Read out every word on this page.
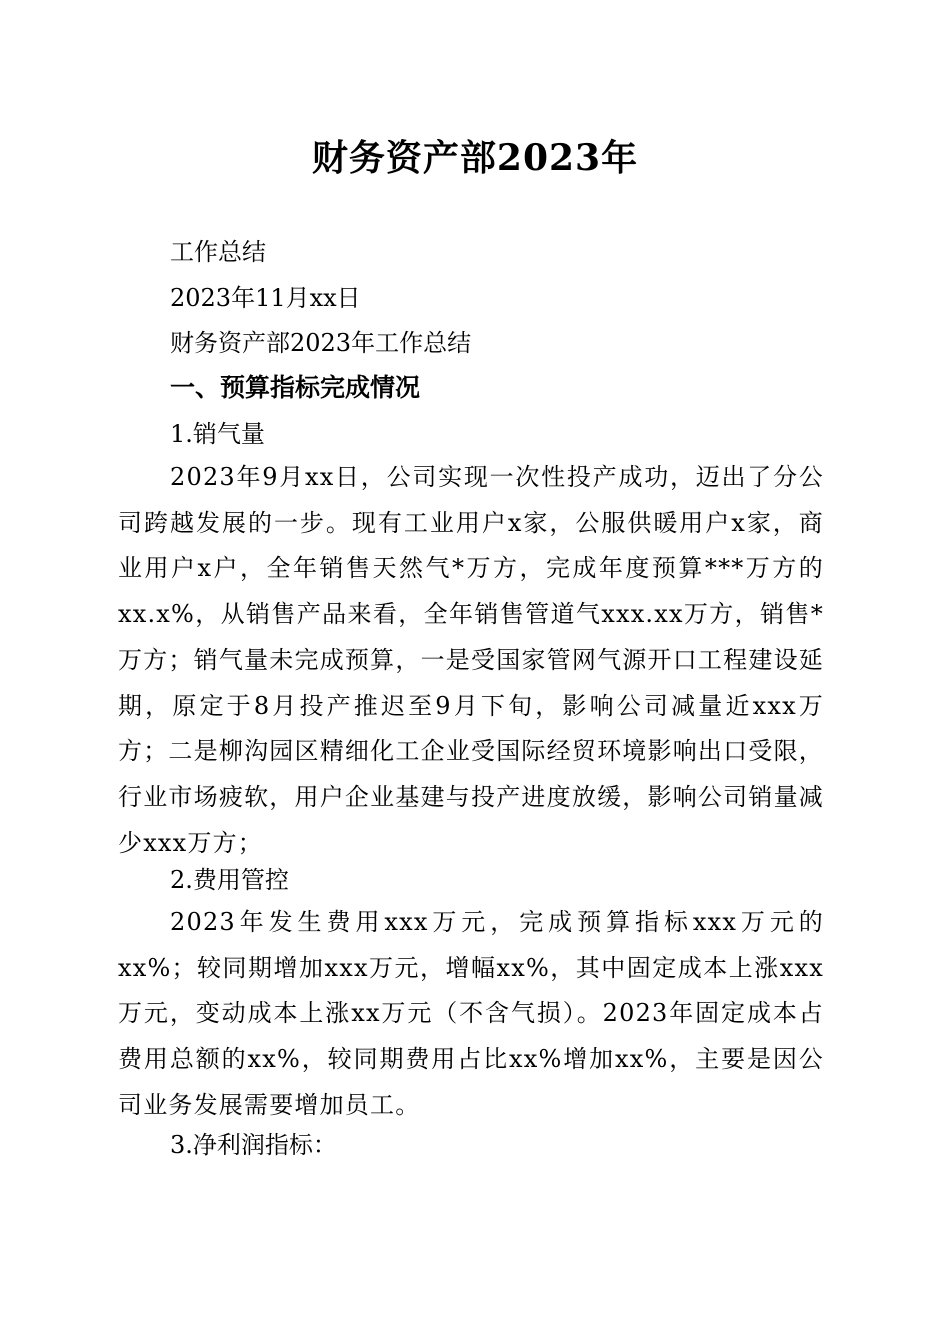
财务资产部2023年
工作总结
2023年11月xx日
财务资产部2023年工作总结
一、预算指标完成情况
1.销气量
2023年9月xx日，公司实现一次性投产成功，迈出了分公司跨越发展的一步。现有工业用户x家，公服供暖用户x家，商业用户x户，全年销售天然气*万方，完成年度预算***万方的xx.x%，从销售产品来看，全年销售管道气xxx.xx万方，销售*万方；销气量未完成预算，一是受国家管网气源开口工程建设延期，原定于8月投产推迟至9月下旬，影响公司减量近xxx万方；二是柳沟园区精细化工企业受国际经贸环境影响出口受限，行业市场疲软，用户企业基建与投产进度放缓，影响公司销量减少xxx万方；
2.费用管控
2023年发生费用xxx万元，完成预算指标xxx万元的xx%；较同期增加xxx万元，增幅xx%，其中固定成本上涨xxx万元，变动成本上涨xx万元（不含气损）。2023年固定成本占费用总额的xx%，较同期费用占比xx%增加xx%，主要是因公司业务发展需要增加员工。
3.净利润指标：
